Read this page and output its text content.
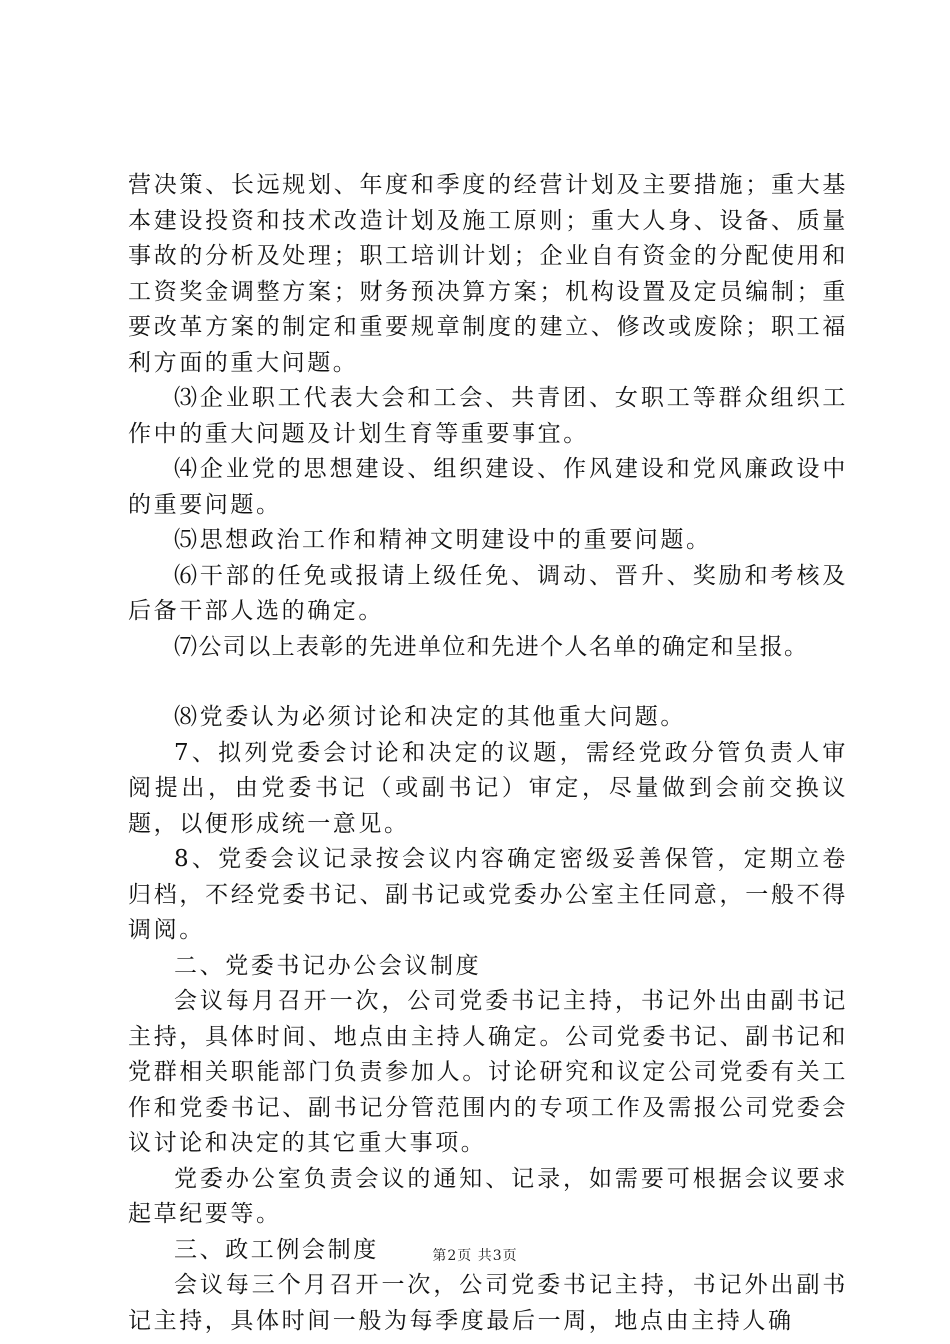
营决策、长远规划、年度和季度的经营计划及主要措施；重大基本建设投资和技术改造计划及施工原则；重大人身、设备、质量事故的分析及处理；职工培训计划；企业自有资金的分配使用和工资奖金调整方案；财务预决算方案；机构设置及定员编制；重要改革方案的制定和重要规章制度的建立、修改或废除；职工福利方面的重大问题。

⑶企业职工代表大会和工会、共青团、女职工等群众组织工作中的重大问题及计划生育等重要事宜。

⑷企业党的思想建设、组织建设、作风建设和党风廉政设中的重要问题。

⑸思想政治工作和精神文明建设中的重要问题。

⑹干部的任免或报请上级任免、调动、晋升、奖励和考核及后备干部人选的确定。

⑺公司以上表彰的先进单位和先进个人名单的确定和呈报。

⑻党委认为必须讨论和决定的其他重大问题。

7、拟列党委会讨论和决定的议题，需经党政分管负责人审阅提出，由党委书记（或副书记）审定，尽量做到会前交换议题，以便形成统一意见。

8、党委会议记录按会议内容确定密级妥善保管，定期立卷归档，不经党委书记、副书记或党委办公室主任同意，一般不得调阅。

二、党委书记办公会议制度

会议每月召开一次，公司党委书记主持，书记外出由副书记主持，具体时间、地点由主持人确定。公司党委书记、副书记和党群相关职能部门负责参加人。讨论研究和议定公司党委有关工作和党委书记、副书记分管范围内的专项工作及需报公司党委会议讨论和决定的其它重大事项。

党委办公室负责会议的通知、记录，如需要可根据会议要求起草纪要等。

三、政工例会制度

会议每三个月召开一次，公司党委书记主持，书记外出副书记主持，具体时间一般为每季度最后一周，地点由主持人确

第2页 共3页
